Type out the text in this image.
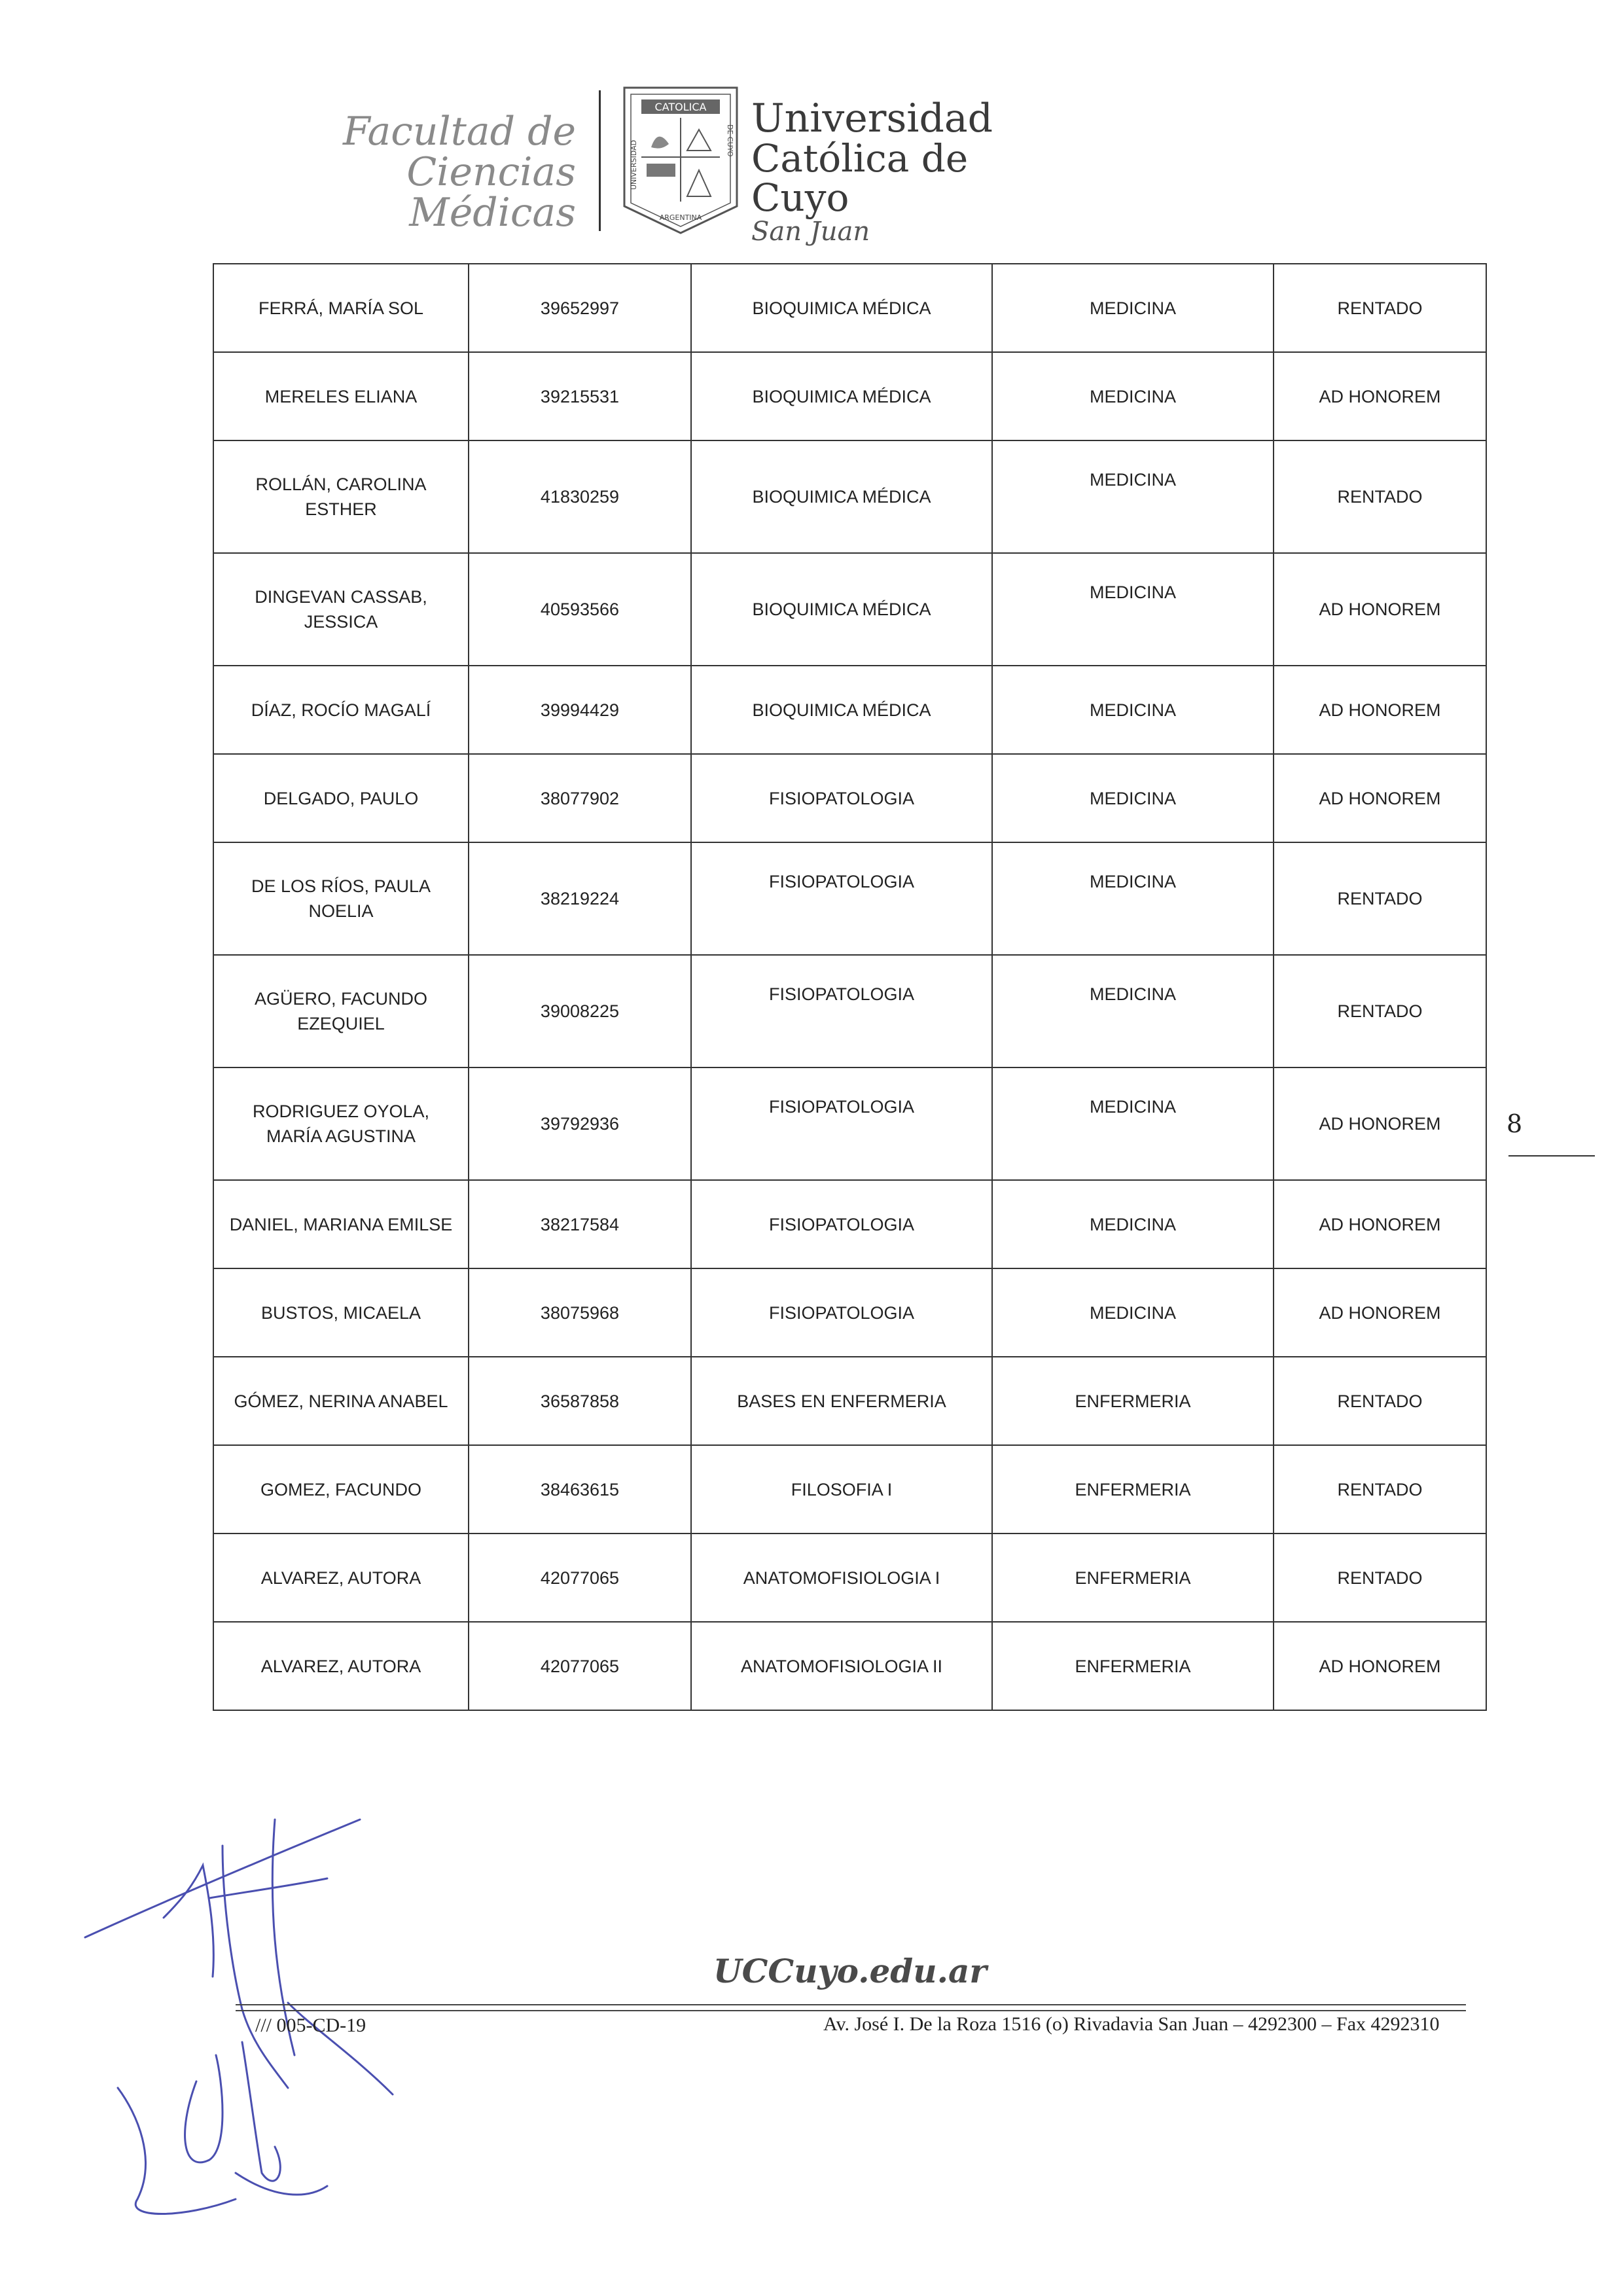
Facultad de Ciencias
Médicas
CATOLICA
ARGENTINA
UNIVERSIDAD	DE CUYO Universidad
Católica de Cuyo
San Juan
FERRÁ, MARÍA SOL	39652997	BIOQUIMICA MÉDICA	MEDICINA	RENTADO
MERELES ELIANA	39215531	BIOQUIMICA MÉDICA	MEDICINA	AD HONOREM
ROLLÁN, CAROLINA ESTHER	41830259	BIOQUIMICA MÉDICA	MEDICINA	RENTADO
DINGEVAN CASSAB, JESSICA	40593566	BIOQUIMICA MÉDICA	MEDICINA	AD HONOREM
DÍAZ, ROCÍO MAGALÍ	39994429	BIOQUIMICA MÉDICA	MEDICINA	AD HONOREM
DELGADO, PAULO	38077902	FISIOPATOLOGIA	MEDICINA	AD HONOREM
DE LOS RÍOS, PAULA NOELIA	38219224	FISIOPATOLOGIA	MEDICINA	RENTADO
AGÜERO, FACUNDO EZEQUIEL	39008225	FISIOPATOLOGIA	MEDICINA	RENTADO
RODRIGUEZ OYOLA, MARÍA AGUSTINA	39792936	FISIOPATOLOGIA	MEDICINA	AD HONOREM
DANIEL, MARIANA EMILSE	38217584	FISIOPATOLOGIA	MEDICINA	AD HONOREM
BUSTOS, MICAELA	38075968	FISIOPATOLOGIA	MEDICINA	AD HONOREM
GÓMEZ, NERINA ANABEL	36587858	BASES EN ENFERMERIA	ENFERMERIA	RENTADO
GOMEZ, FACUNDO	38463615	FILOSOFIA I	ENFERMERIA	RENTADO
ALVAREZ, AUTORA	42077065	ANATOMOFISIOLOGIA I	ENFERMERIA	RENTADO
ALVAREZ, AUTORA	42077065	ANATOMOFISIOLOGIA II	ENFERMERIA	AD HONOREM
8
UCCuyo.edu.ar
/// 005-CD-19	Av. José I. De la Roza 1516 (o) Rivadavia San Juan – 4292300 – Fax 4292310
